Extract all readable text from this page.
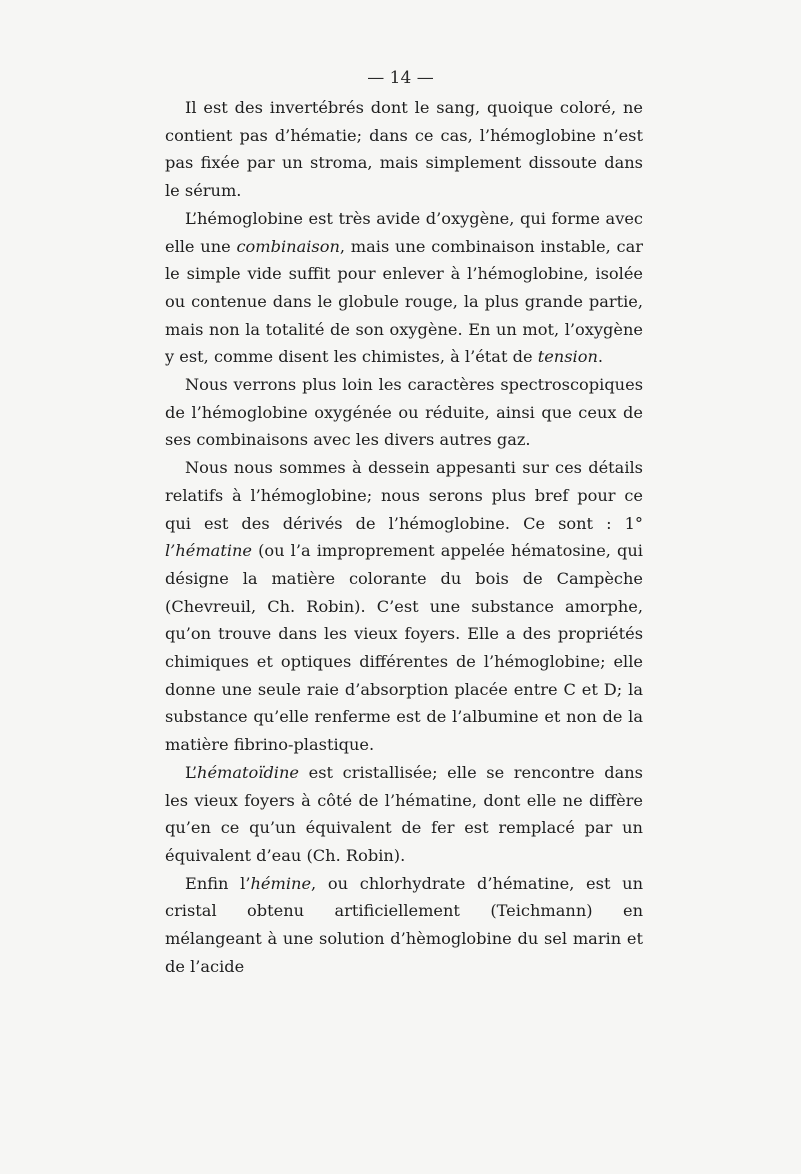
— 14 —

Il est des invertébrés dont le sang, quoique coloré, ne contient pas d’hématie; dans ce cas, l’hémoglobine n’est pas fixée par un stroma, mais simplement dissoute dans le sérum.

L’hémoglobine est très avide d’oxygène, qui forme avec elle une combinaison, mais une combinaison instable, car le simple vide suffit pour enlever à l’hémoglobine, isolée ou contenue dans le globule rouge, la plus grande partie, mais non la totalité de son oxygène. En un mot, l’oxygène y est, comme disent les chimistes, à l’état de tension.

Nous verrons plus loin les caractères spectroscopiques de l’hémoglobine oxygénée ou réduite, ainsi que ceux de ses combinaisons avec les divers autres gaz.

Nous nous sommes à dessein appesanti sur ces détails relatifs à l’hémoglobine; nous serons plus bref pour ce qui est des dérivés de l’hémoglobine. Ce sont : 1° l’hématine (ou l’a improprement appelée hématosine, qui désigne la matière colorante du bois de Campèche (Chevreuil, Ch. Robin). C’est une substance amorphe, qu’on trouve dans les vieux foyers. Elle a des propriétés chimiques et optiques différentes de l’hémoglobine; elle donne une seule raie d’absorption placée entre C et D; la substance qu’elle renferme est de l’albumine et non de la matière fibrino-plastique.

L’hématoïdine est cristallisée; elle se rencontre dans les vieux foyers à côté de l’hématine, dont elle ne diffère qu’en ce qu’un équivalent de fer est remplacé par un équivalent d’eau (Ch. Robin).

Enfin l’hémine, ou chlorhydrate d’hématine, est un cristal obtenu artificiellement (Teichmann) en mélangeant à une solution d’hèmoglobine du sel marin et de l’acide
